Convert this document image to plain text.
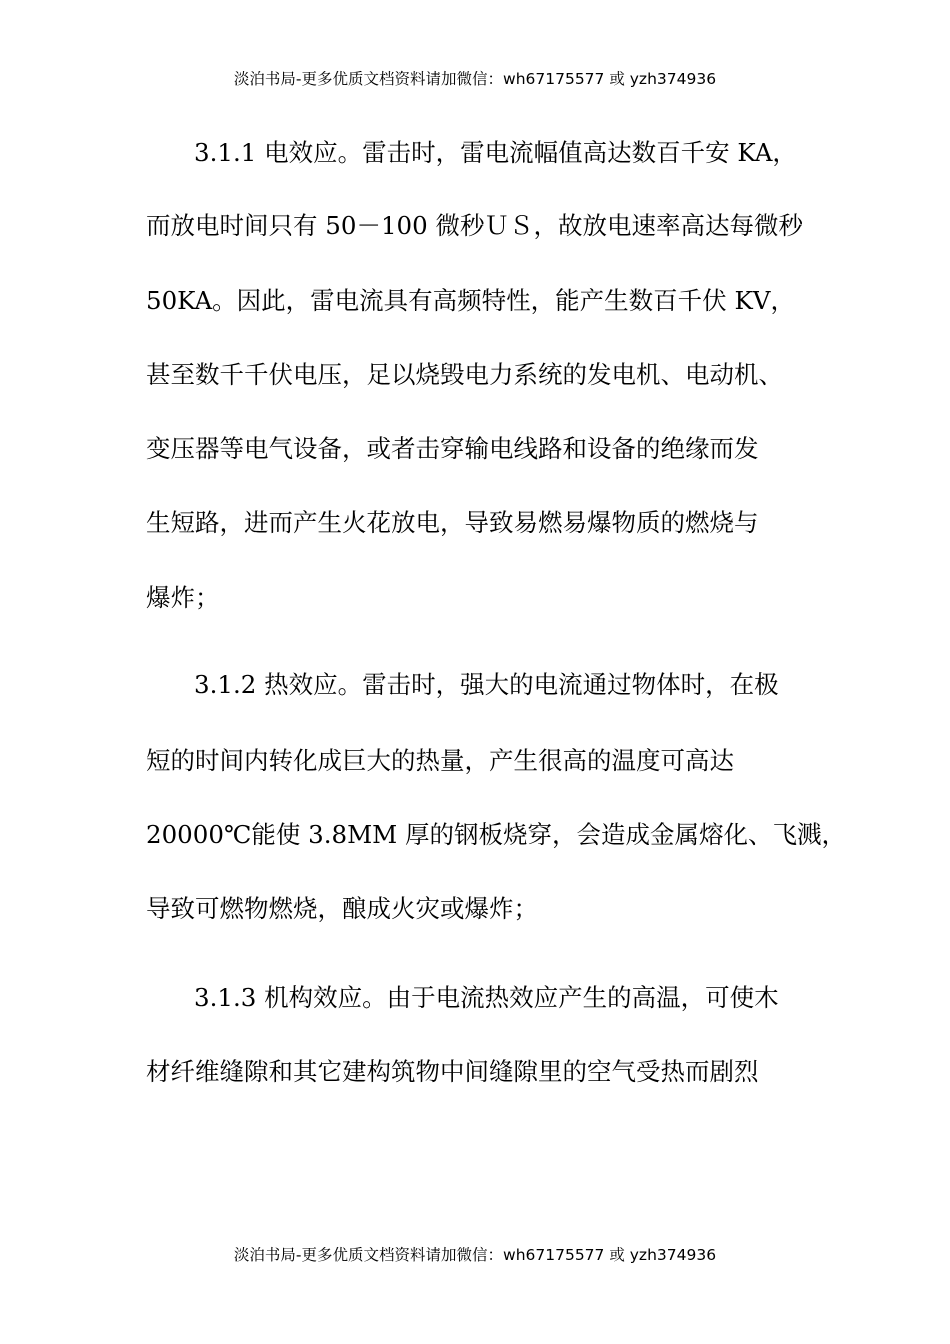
淡泊书局-更多优质文档资料请加微信：wh67175577 或 yzh374936
3.1.1 电效应。雷击时，雷电流幅值高达数百千安 KA，
而放电时间只有 50－100 微秒ＵＳ，故放电速率高达每微秒
50KA。因此，雷电流具有高频特性，能产生数百千伏 KV，
甚至数千千伏电压，足以烧毁电力系统的发电机、电动机、
变压器等电气设备，或者击穿输电线路和设备的绝缘而发
生短路，进而产生火花放电，导致易燃易爆物质的燃烧与
爆炸；
3.1.2 热效应。雷击时，强大的电流通过物体时，在极
短的时间内转化成巨大的热量，产生很高的温度可高达
20000℃能使 3.8MM 厚的钢板烧穿，会造成金属熔化、飞溅，
导致可燃物燃烧，酿成火灾或爆炸；
3.1.3 机构效应。由于电流热效应产生的高温，可使木
材纤维缝隙和其它建构筑物中间缝隙里的空气受热而剧烈
淡泊书局-更多优质文档资料请加微信：wh67175577 或 yzh374936
